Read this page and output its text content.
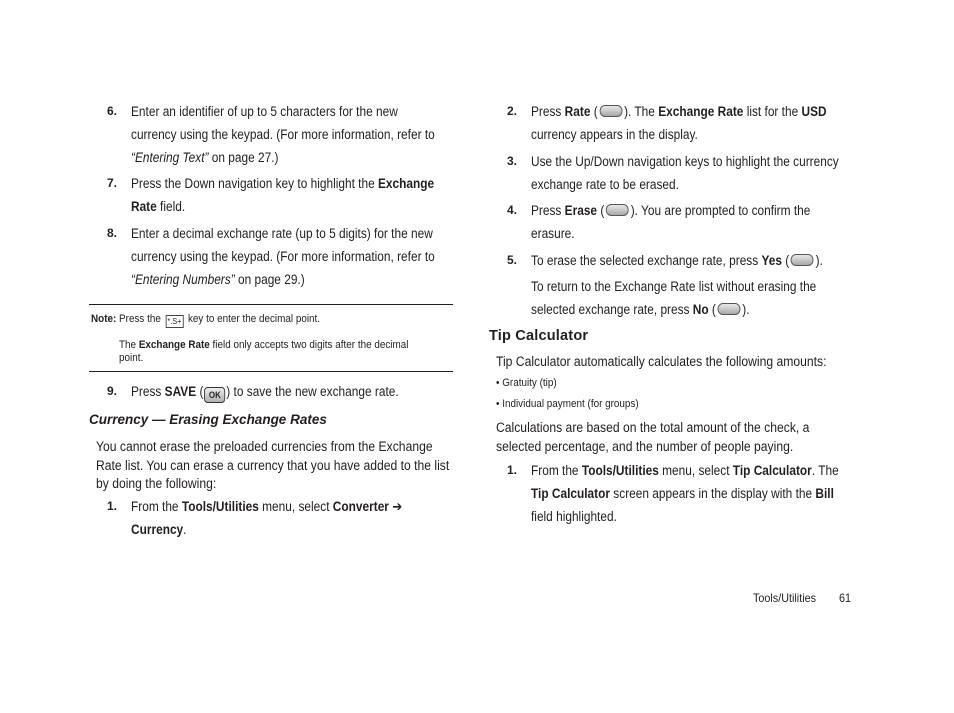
6. Enter an identifier of up to 5 characters for the new
currency using the keypad. (For more information, refer to
“Entering Text” on page 27.)
7. Press the Down navigation key to highlight the Exchange
Rate field.
8. Enter a decimal exchange rate (up to 5 digits) for the new
currency using the keypad. (For more information, refer to
“Entering Numbers” on page 29.)
Note: Press the *.S+ key to enter the decimal point.
The Exchange Rate field only accepts two digits after the decimal
point.
9. Press SAVE ( OK ) to save the new exchange rate.
Currency — Erasing Exchange Rates
You cannot erase the preloaded currencies from the Exchange
Rate list. You can erase a currency that you have added to the list
by doing the following:
1. From the Tools/Utilities menu, select Converter ➔
Currency.
2. Press Rate ( ). The Exchange Rate list for the USD
currency appears in the display.
3. Use the Up/Down navigation keys to highlight the currency
exchange rate to be erased.
4. Press Erase ( ). You are prompted to confirm the
erasure.
5. To erase the selected exchange rate, press Yes ( ).
To return to the Exchange Rate list without erasing the
selected exchange rate, press No ( ).
Tip Calculator
Tip Calculator automatically calculates the following amounts:
• Gratuity (tip)
• Individual payment (for groups)
Calculations are based on the total amount of the check, a
selected percentage, and the number of people paying.
1. From the Tools/Utilities menu, select Tip Calculator. The
Tip Calculator screen appears in the display with the Bill
field highlighted.
Tools/Utilities 61
